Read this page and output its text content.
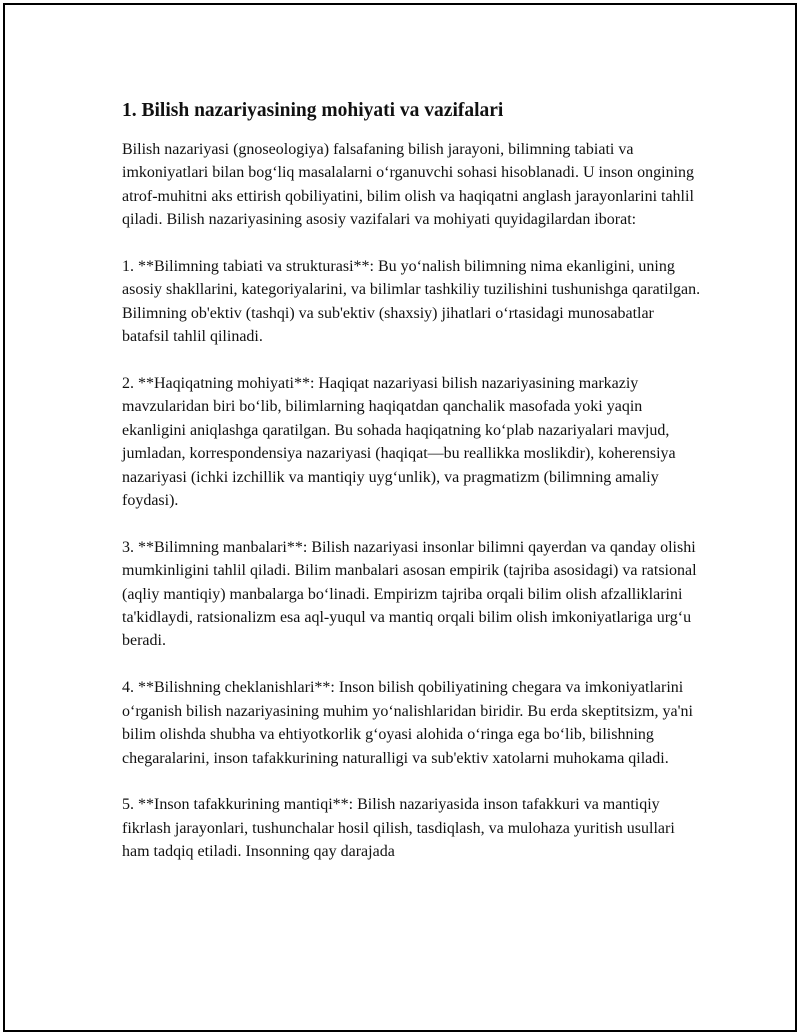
1. Bilish nazariyasining mohiyati va vazifalari

Bilish nazariyasi (gnoseologiya) falsafaning bilish jarayoni, bilimning tabiati va imkoniyatlari bilan bog‘liq masalalarni o‘rganuvchi sohasi hisoblanadi. U inson ongining atrof-muhitni aks ettirish qobiliyatini, bilim olish va haqiqatni anglash jarayonlarini tahlil qiladi. Bilish nazariyasining asosiy vazifalari va mohiyati quyidagilardan iborat:

1. **Bilimning tabiati va strukturasi**: Bu yo‘nalish bilimning nima ekanligini, uning asosiy shakllarini, kategoriyalarini, va bilimlar tashkiliy tuzilishini tushunishga qaratilgan. Bilimning ob'ektiv (tashqi) va sub'ektiv (shaxsiy) jihatlari o‘rtasidagi munosabatlar batafsil tahlil qilinadi.

2. **Haqiqatning mohiyati**: Haqiqat nazariyasi bilish nazariyasining markaziy mavzularidan biri bo‘lib, bilimlarning haqiqatdan qanchalik masofada yoki yaqin ekanligini aniqlashga qaratilgan. Bu sohada haqiqatning ko‘plab nazariyalari mavjud, jumladan, korrespondensiya nazariyasi (haqiqat—bu reallikka moslikdir), koherensiya nazariyasi (ichki izchillik va mantiqiy uyg‘unlik), va pragmatizm (bilimning amaliy foydasi).

3. **Bilimning manbalari**: Bilish nazariyasi insonlar bilimni qayerdan va qanday olishi mumkinligini tahlil qiladi. Bilim manbalari asosan empirik (tajriba asosidagi) va ratsional (aqliy mantiqiy) manbalarga bo‘linadi. Empirizm tajriba orqali bilim olish afzalliklarini ta'kidlaydi, ratsionalizm esa aql-yuqul va mantiq orqali bilim olish imkoniyatlariga urg‘u beradi.

4. **Bilishning cheklanishlari**: Inson bilish qobiliyatining chegara va imkoniyatlarini o‘rganish bilish nazariyasining muhim yo‘nalishlaridan biridir. Bu erda skeptitsizm, ya'ni bilim olishda shubha va ehtiyotkorlik g‘oyasi alohida o‘ringa ega bo‘lib, bilishning chegaralarini, inson tafakkurining naturalligi va sub'ektiv xatolarni muhokama qiladi.

5. **Inson tafakkurining mantiqi**: Bilish nazariyasida inson tafakkuri va mantiqiy fikrlash jarayonlari, tushunchalar hosil qilish, tasdiqlash, va mulohaza yuritish usullari ham tadqiq etiladi. Insonning qay darajada
